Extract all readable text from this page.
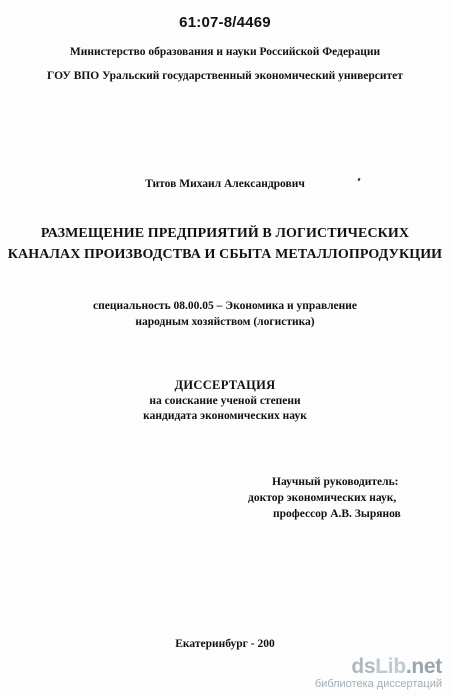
61:07-8/4469
Министерство образования и науки Российской Федерации
ГОУ ВПО Уральский государственный экономический университет
Титов Михаил Александрович
РАЗМЕЩЕНИЕ ПРЕДПРИЯТИЙ В ЛОГИСТИЧЕСКИХ
КАНАЛАХ ПРОИЗВОДСТВА И СБЫТА МЕТАЛЛОПРОДУКЦИИ
специальность 08.00.05 – Экономика и управление
народным хозяйством (логистика)
ДИССЕРТАЦИЯ
на соискание ученой степени
кандидата экономических наук
Научный руководитель:
доктор экономических наук,
профессор А.В. Зырянов
Екатеринбург - 200
dsLib.net
библиотека диссертаций
